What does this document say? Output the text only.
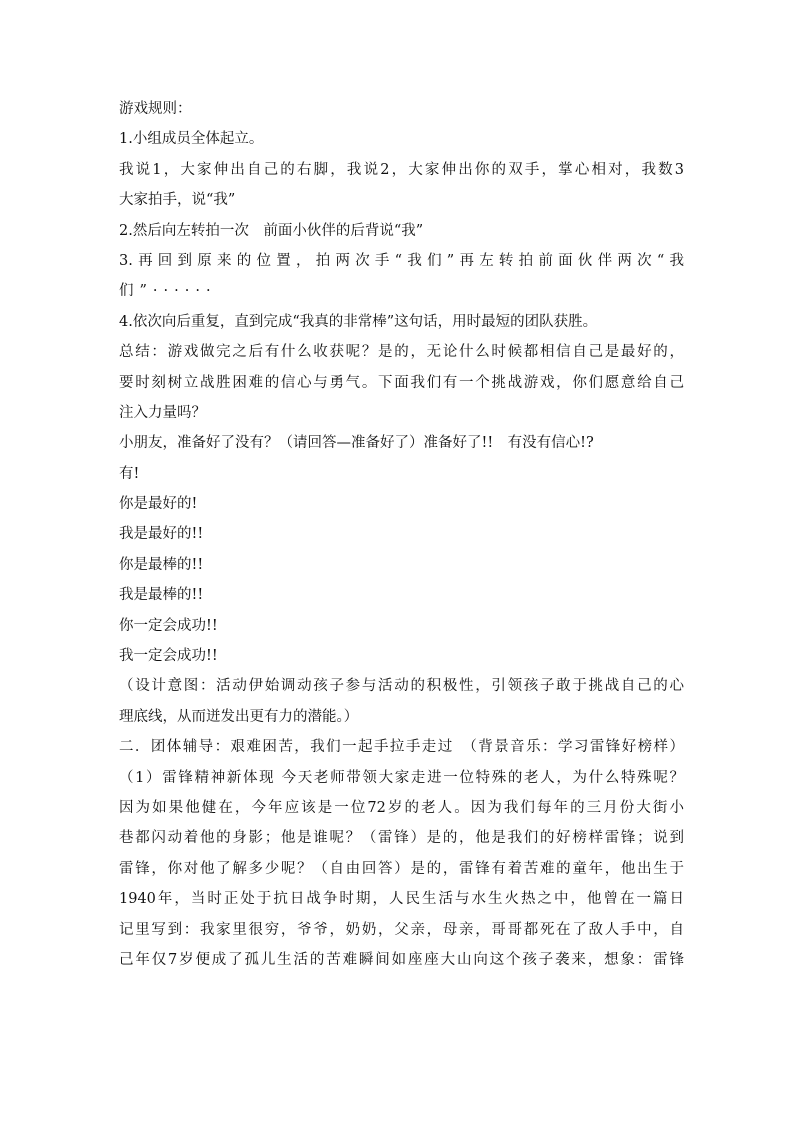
游戏规则：
1.小组成员全体起立。
我说1，大家伸出自己的右脚，我说2，大家伸出你的双手，掌心相对，我数3
大家拍手，说“我”
2.然后向左转拍一次　前面小伙伴的后背说“我”
3.再回到原来的位置，拍两次手“我们”再左转拍前面伙伴两次“我
们”······
4.依次向后重复，直到完成“我真的非常棒”这句话，用时最短的团队获胜。
总结：游戏做完之后有什么收获呢？是的，无论什么时候都相信自己是最好的，
要时刻树立战胜困难的信心与勇气。下面我们有一个挑战游戏，你们愿意给自己
注入力量吗？
小朋友，准备好了没有？（请回答—准备好了）准备好了!!　有没有信心!?
有!
你是最好的!
我是最好的!!
你是最棒的!!
我是最棒的!!
你一定会成功!!
我一定会成功!!
（设计意图：活动伊始调动孩子参与活动的积极性，引领孩子敢于挑战自己的心
理底线，从而迸发出更有力的潜能。）
二．团体辅导：艰难困苦，我们一起手拉手走过　（背景音乐：学习雷锋好榜样）
（1）雷锋精神新体现 今天老师带领大家走进一位特殊的老人，为什么特殊呢？
因为如果他健在，今年应该是一位72岁的老人。因为我们每年的三月份大街小
巷都闪动着他的身影；他是谁呢？（雷锋）是的，他是我们的好榜样雷锋；说到
雷锋，你对他了解多少呢？（自由回答）是的，雷锋有着苦难的童年，他出生于
1940年，当时正处于抗日战争时期，人民生活与水生火热之中，他曾在一篇日
记里写到：我家里很穷，爷爷，奶奶，父亲，母亲，哥哥都死在了敌人手中，自
己年仅7岁便成了孤儿生活的苦难瞬间如座座大山向这个孩子袭来，想象：雷锋
